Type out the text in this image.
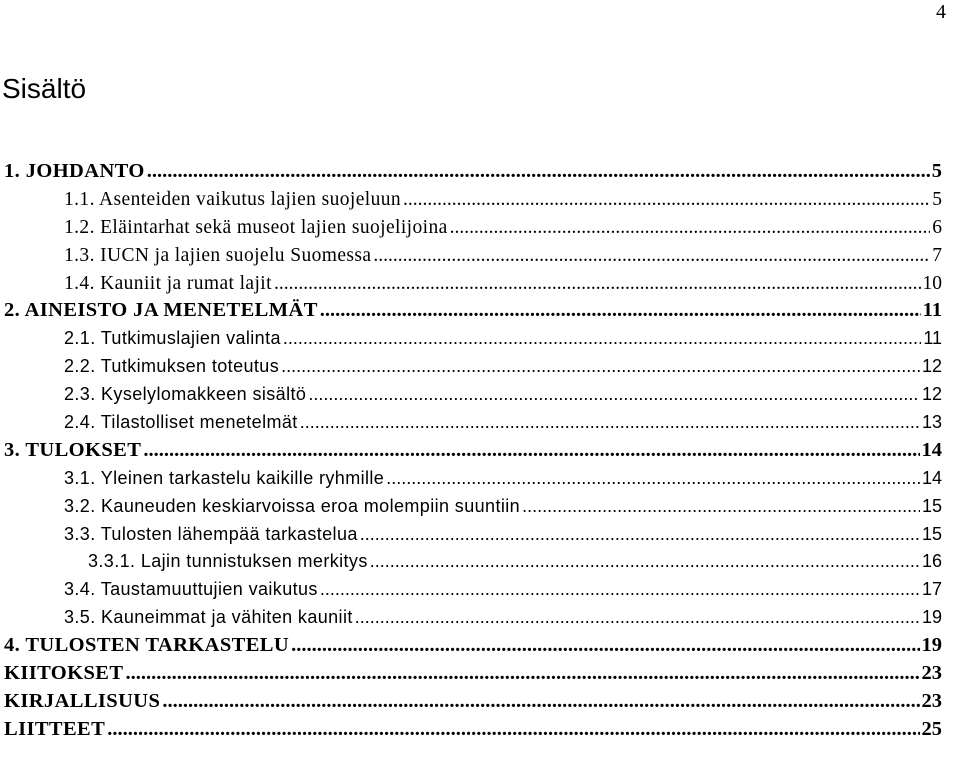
4
Sisältö
1. JOHDANTO .....	5
1.1. Asenteiden vaikutus lajien suojeluun .....	5
1.2. Eläintarhat sekä museot lajien suojelijoina .....	6
1.3. IUCN ja lajien suojelu Suomessa .....	7
1.4. Kauniit ja rumat lajit .....	10
2. AINEISTO JA MENETELMÄT .....	11
2.1. Tutkimuslajien valinta .....	11
2.2. Tutkimuksen toteutus .....	12
2.3. Kyselylomakkeen sisältö .....	12
2.4. Tilastolliset menetelmät .....	13
3. TULOKSET .....	14
3.1. Yleinen tarkastelu kaikille ryhmille .....	14
3.2. Kauneuden keskiarvoissa eroa molempiin suuntiin .....	15
3.3. Tulosten lähempää tarkastelua .....	15
3.3.1. Lajin tunnistuksen merkitys .....	16
3.4. Taustamuuttujien vaikutus .....	17
3.5. Kauneimmat ja vähiten kauniit .....	19
4. TULOSTEN TARKASTELU .....	19
KIITOKSET .....	23
KIRJALLISUUS .....	23
LIITTEET .....	25
